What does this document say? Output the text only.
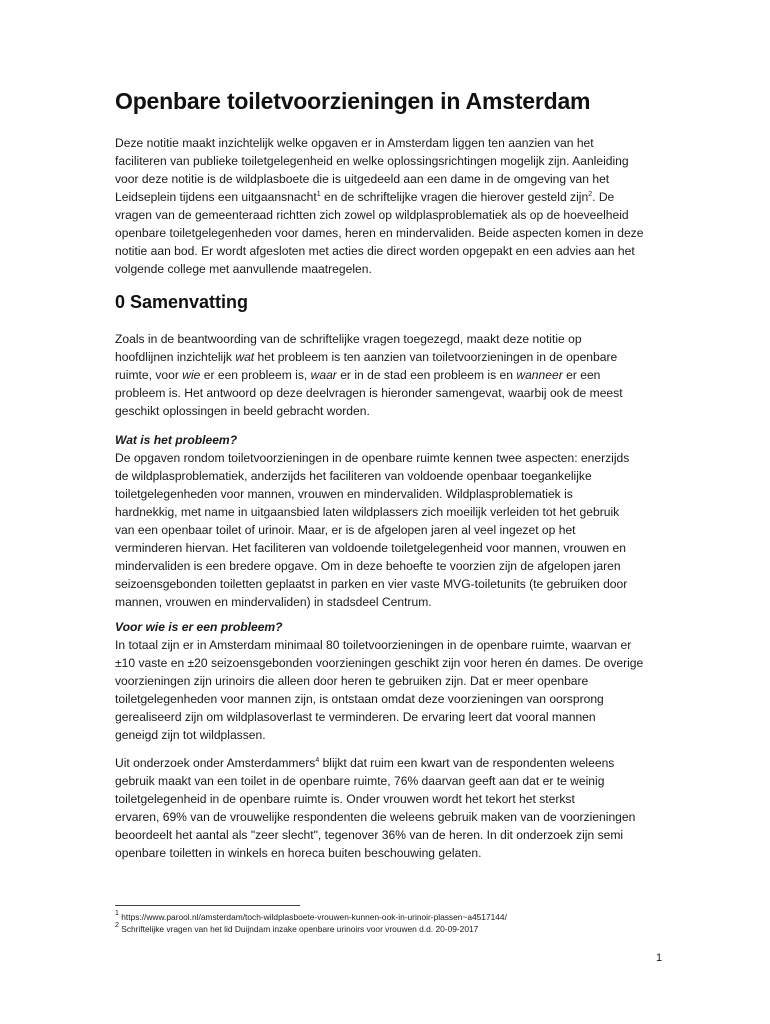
Openbare toiletvoorzieningen in Amsterdam
Deze notitie maakt inzichtelijk welke opgaven er in Amsterdam liggen ten aanzien van het
faciliteren van publieke toiletgelegenheid en welke oplossingsrichtingen mogelijk zijn. Aanleiding
voor deze notitie is de wildplasboete die is uitgedeeld aan een dame in de omgeving van het
Leidseplein tijdens een uitgaansnacht$^1$ en de schriftelijke vragen die hierover gesteld zijn$^2$. De
vragen van de gemeenteraad richtten zich zowel op wildplasproblematiek als op de hoeveelheid
openbare toiletgelegenheden voor dames, heren en mindervaliden. Beide aspecten komen in deze
notitie aan bod. Er wordt afgesloten met acties die direct worden opgepakt en een advies aan het
volgende college met aanvullende maatregelen.
0 Samenvatting
Zoals in de beantwoording van de schriftelijke vragen toegezegd, maakt deze notitie op
hoofdlijnen inzichtelijk wat het probleem is ten aanzien van toiletvoorzieningen in de openbare
ruimte, voor wie er een probleem is, waar er in de stad een probleem is en wanneer er een
probleem is. Het antwoord op deze deelvragen is hieronder samengevat, waarbij ook de meest
geschikt oplossingen in beeld gebracht worden.
Wat is het probleem?
De opgaven rondom toiletvoorzieningen in de openbare ruimte kennen twee aspecten: enerzijds
de wildplasproblematiek, anderzijds het faciliteren van voldoende openbaar toegankelijke
toiletgelegenheden voor mannen, vrouwen en mindervaliden. Wildplasproblematiek is
hardnekkig, met name in uitgaansbied laten wildplassers zich moeilijk verleiden tot het gebruik
van een openbaar toilet of urinoir. Maar, er is de afgelopen jaren al veel ingezet op het
verminderen hiervan. Het faciliteren van voldoende toiletgelegenheid voor mannen, vrouwen en
mindervaliden is een bredere opgave. Om in deze behoefte te voorzien zijn de afgelopen jaren
seizoensgebonden toiletten geplaatst in parken en vier vaste MVG-toiletunits (te gebruiken door
mannen, vrouwen en mindervaliden) in stadsdeel Centrum.
Voor wie is er een probleem?
In totaal zijn er in Amsterdam minimaal 80 toiletvoorzieningen in de openbare ruimte, waarvan er
±10 vaste en ±20 seizoensgebonden voorzieningen geschikt zijn voor heren én dames. De overige
voorzieningen zijn urinoirs die alleen door heren te gebruiken zijn. Dat er meer openbare
toiletgelegenheden voor mannen zijn, is ontstaan omdat deze voorzieningen van oorsprong
gerealiseerd zijn om wildplasoverlast te verminderen. De ervaring leert dat vooral mannen
geneigd zijn tot wildplassen.
Uit onderzoek onder Amsterdammers$^4$ blijkt dat ruim een kwart van de respondenten weleens
gebruik maakt van een toilet in de openbare ruimte, 76% daarvan geeft aan dat er te weinig
toiletgelegenheid in de openbare ruimte is. Onder vrouwen wordt het tekort het sterkst
ervaren, 69% van de vrouwelijke respondenten die weleens gebruik maken van de voorzieningen
beoordeelt het aantal als "zeer slecht", tegenover 36% van de heren. In dit onderzoek zijn semi
openbare toiletten in winkels en horeca buiten beschouwing gelaten.
$^1$ https://www.parool.nl/amsterdam/toch-wildplasboete-vrouwen-kunnen-ook-in-urinoir-plassen~a4517144/
$^2$ Schriftelijke vragen van het lid Duijndam inzake openbare urinoirs voor vrouwen d.d. 20-09-2017
1
